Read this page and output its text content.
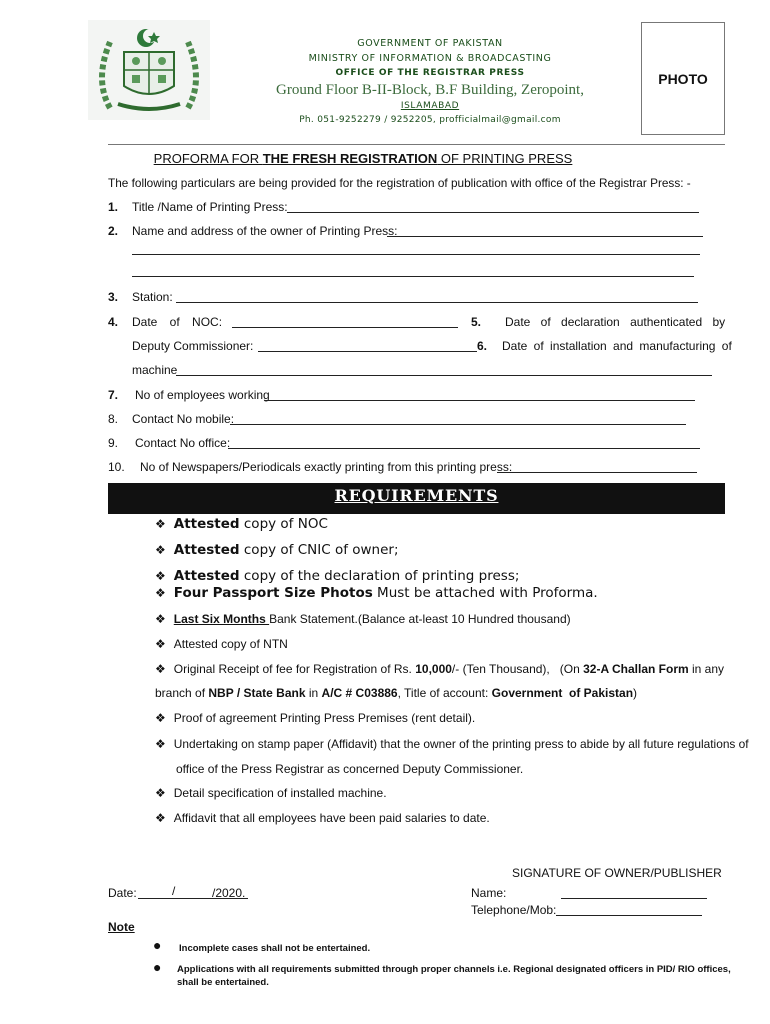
GOVERNMENT OF PAKISTAN
MINISTRY OF INFORMATION & BROADCASTING
OFFICE OF THE REGISTRAR PRESS
Ground Floor B-II-Block, B.F Building, Zeropoint,
ISLAMABAD
Ph. 051-9252279 / 9252205, profficialmail@gmail.com
PHOTO
PROFORMA FOR THE FRESH REGISTRATION OF PRINTING PRESS
The following particulars are being provided for the registration of publication with office of the Registrar Press: -
1. Title /Name of Printing Press:
2. Name and address of the owner of Printing Press:
3. Station:
4. Date of NOC:	5. Date of declaration authenticated by
Deputy Commissioner:	6. Date of installation and manufacturing of
machine
7. No of employees working
8. Contact No mobile:
9. Contact No office:
10. No of Newspapers/Periodicals exactly printing from this printing press:
REQUIREMENTS
❖ Attested copy of NOC
❖ Attested copy of CNIC of owner;
❖ Attested copy of the declaration of printing press;
❖ Four Passport Size Photos Must be attached with Proforma.
❖ Last Six Months Bank Statement.(Balance at-least 10 Hundred thousand)
❖ Attested copy of NTN
❖ Original Receipt of fee for Registration of Rs. 10,000/- (Ten Thousand),   (On 32-A Challan Form in any
branch of NBP / State Bank in A/C # C03886, Title of account: Government  of Pakistan)
❖ Proof of agreement Printing Press Premises (rent detail).
❖ Undertaking on stamp paper (Affidavit) that the owner of the printing press to abide by all future regulations of
office of the Press Registrar as concerned Deputy Commissioner.
❖ Detail specification of installed machine.
❖ Affidavit that all employees have been paid salaries to date.
SIGNATURE OF OWNER/PUBLISHER
Date:	/	/2020.	Name:
Telephone/Mob:
Note
● Incomplete cases shall not be entertained.
● Applications with all requirements submitted through proper channels i.e. Regional designated officers in PID/ RIO offices,
shall be entertained.
